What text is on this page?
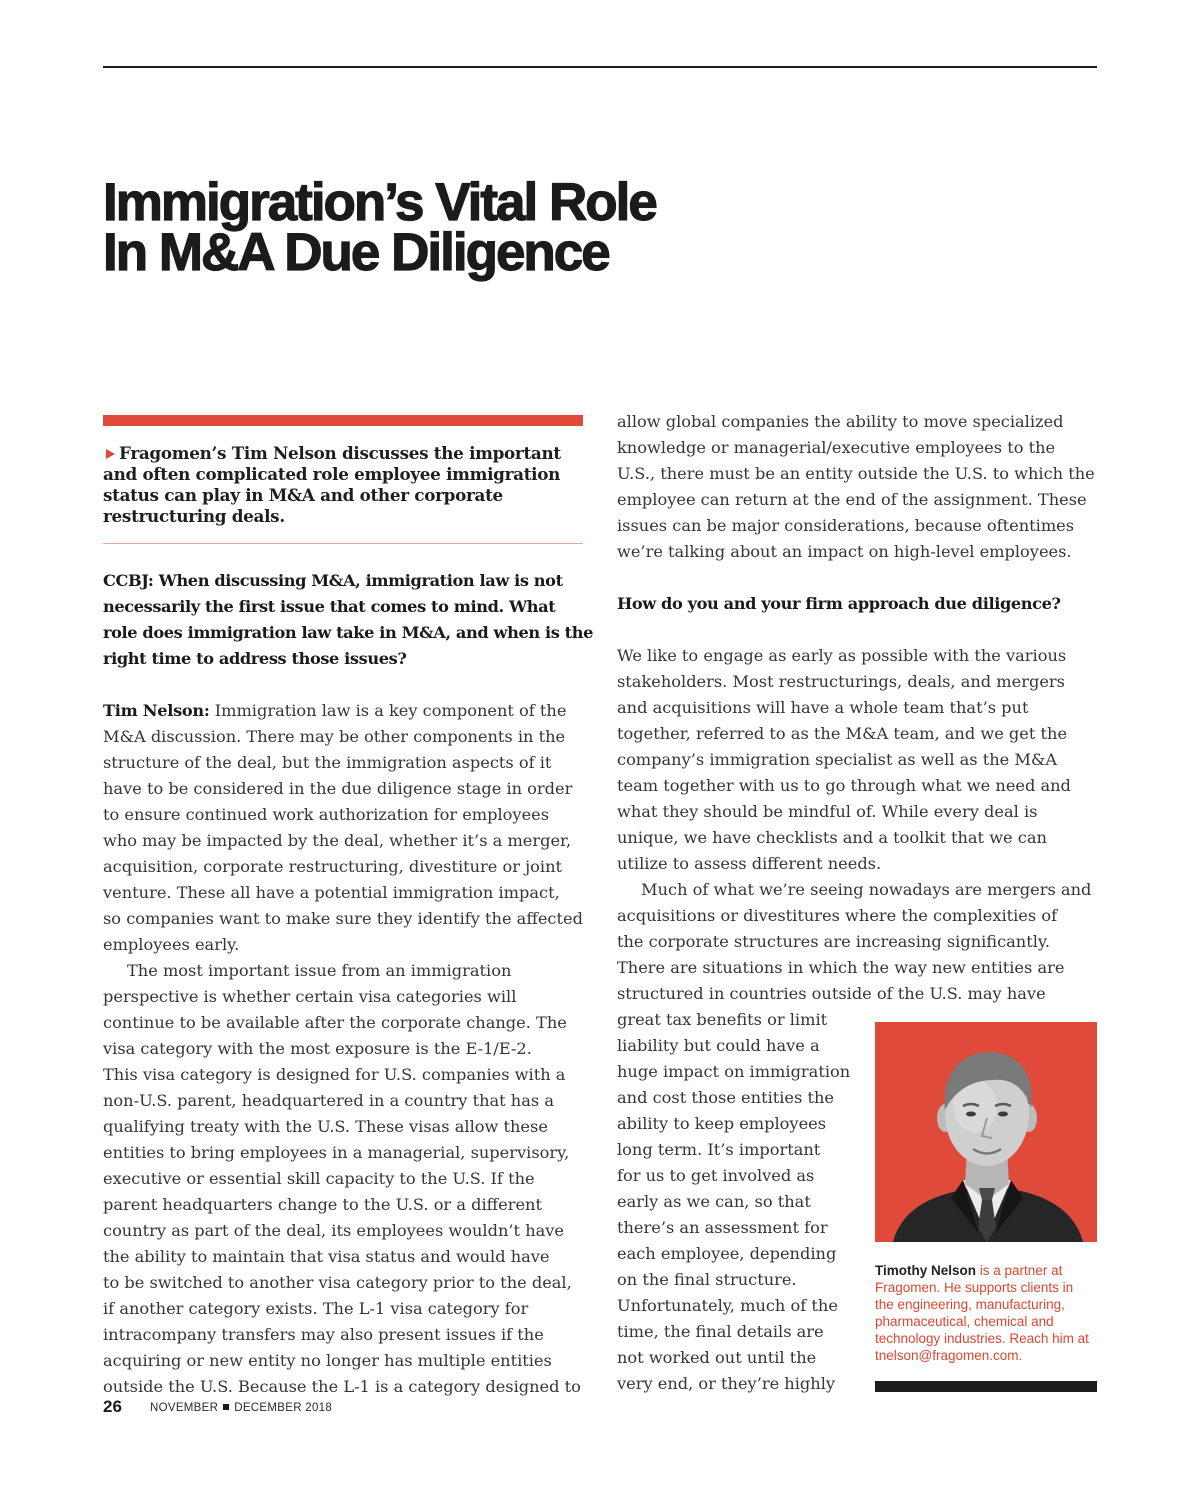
Immigration’s Vital Role
In M&A Due Diligence
Fragomen’s Tim Nelson discusses the important
and often complicated role employee immigration
status can play in M&A and other corporate
restructuring deals.
CCBJ: When discussing M&A, immigration law is not
necessarily the first issue that comes to mind. What
role does immigration law take in M&A, and when is the
right time to address those issues?
Tim Nelson: Immigration law is a key component of the
M&A discussion. There may be other components in the
structure of the deal, but the immigration aspects of it
have to be considered in the due diligence stage in order
to ensure continued work authorization for employees
who may be impacted by the deal, whether it’s a merger,
acquisition, corporate restructuring, divestiture or joint
venture. These all have a potential immigration impact,
so companies want to make sure they identify the affected
employees early.
The most important issue from an immigration
perspective is whether certain visa categories will
continue to be available after the corporate change. The
visa category with the most exposure is the E-1/E-2.
This visa category is designed for U.S. companies with a
non-U.S. parent, headquartered in a country that has a
qualifying treaty with the U.S. These visas allow these
entities to bring employees in a managerial, supervisory,
executive or essential skill capacity to the U.S. If the
parent headquarters change to the U.S. or a different
country as part of the deal, its employees wouldn’t have
the ability to maintain that visa status and would have
to be switched to another visa category prior to the deal,
if another category exists. The L-1 visa category for
intracompany transfers may also present issues if the
acquiring or new entity no longer has multiple entities
outside the U.S. Because the L-1 is a category designed to
allow global companies the ability to move specialized
knowledge or managerial/executive employees to the
U.S., there must be an entity outside the U.S. to which the
employee can return at the end of the assignment. These
issues can be major considerations, because oftentimes
we’re talking about an impact on high-level employees.
How do you and your firm approach due diligence?
We like to engage as early as possible with the various
stakeholders. Most restructurings, deals, and mergers
and acquisitions will have a whole team that’s put
together, referred to as the M&A team, and we get the
company’s immigration specialist as well as the M&A
team together with us to go through what we need and
what they should be mindful of. While every deal is
unique, we have checklists and a toolkit that we can
utilize to assess different needs.
Much of what we’re seeing nowadays are mergers and
acquisitions or divestitures where the complexities of
the corporate structures are increasing significantly.
There are situations in which the way new entities are
structured in countries outside of the U.S. may have
great tax benefits or limit
liability but could have a
huge impact on immigration
and cost those entities the
ability to keep employees
long term. It’s important
for us to get involved as
early as we can, so that
there’s an assessment for
each employee, depending
on the final structure.
Unfortunately, much of the
time, the final details are
not worked out until the
very end, or they’re highly
Timothy Nelson is a partner at
Fragomen. He supports clients in
the engineering, manufacturing,
pharmaceutical, chemical and
technology industries. Reach him at
tnelson@fragomen.com.
26 NOVEMBER DECEMBER 2018
